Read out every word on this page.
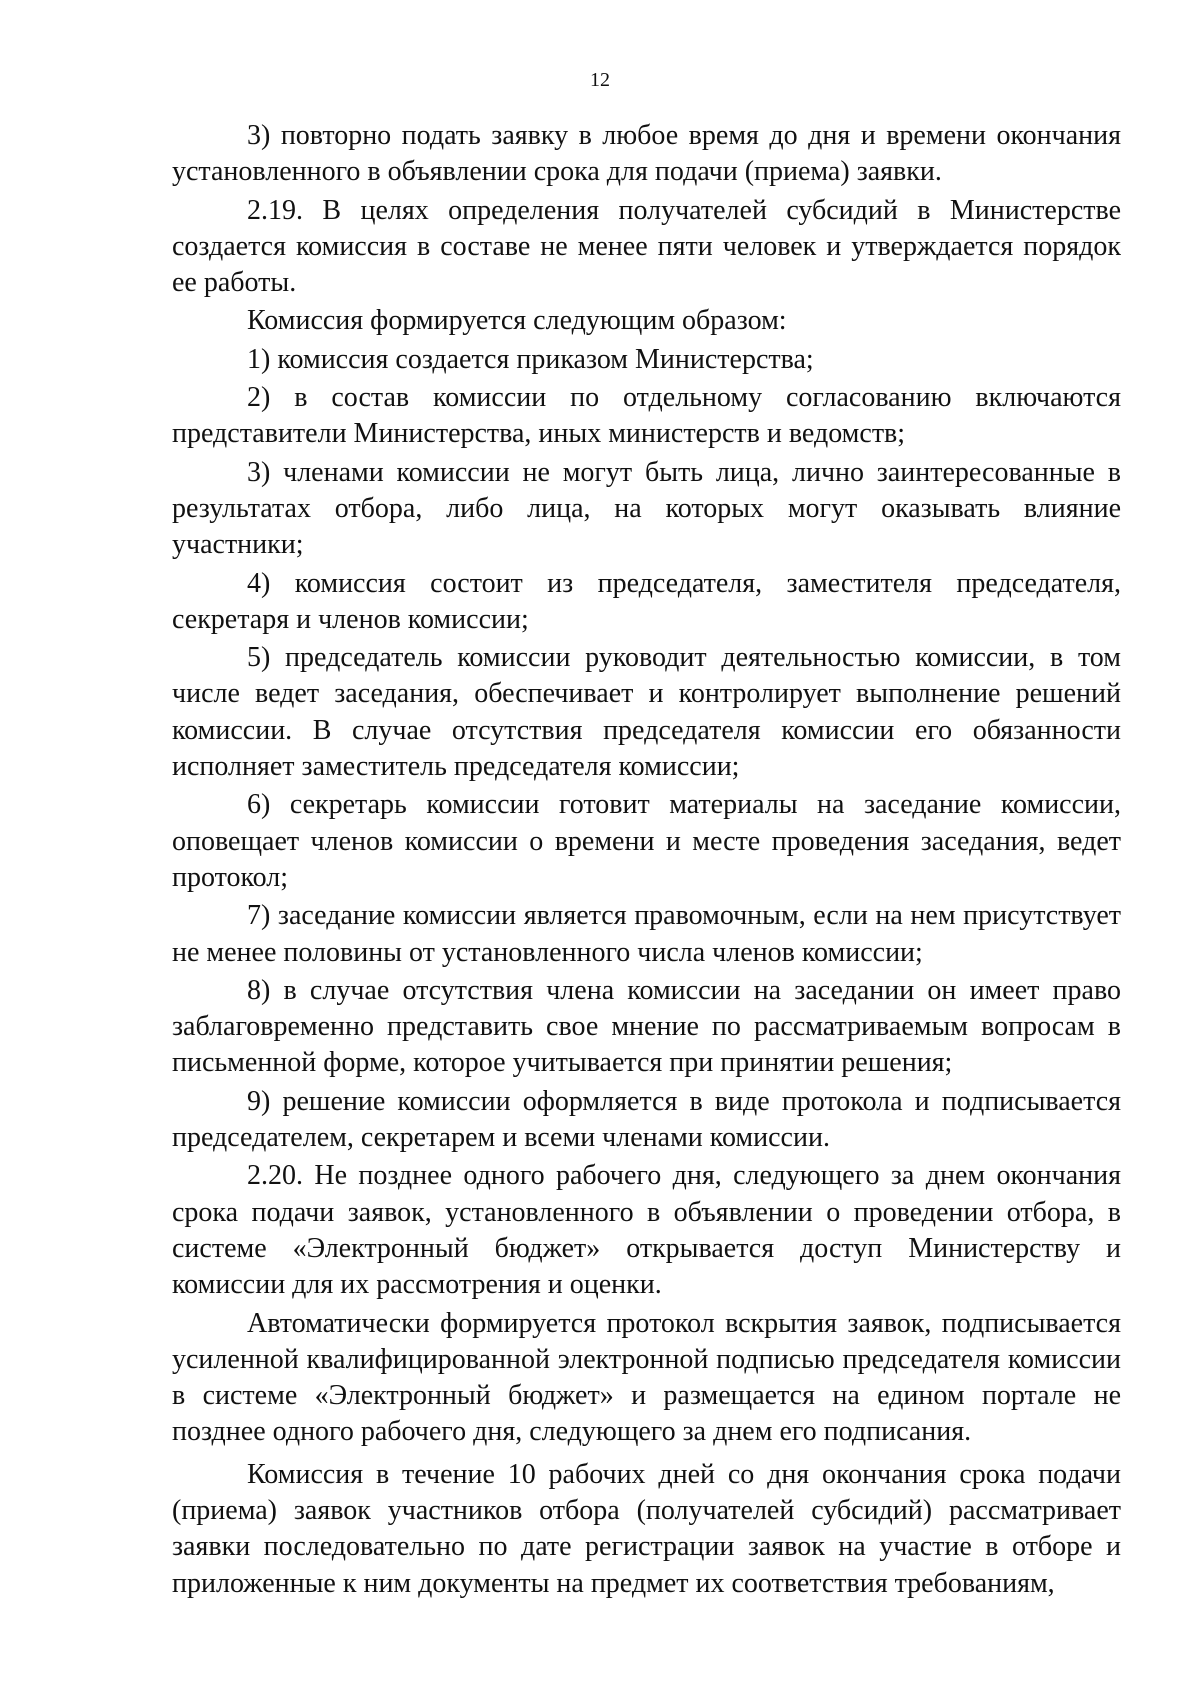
12

3) повторно подать заявку в любое время до дня и времени окончания установленного в объявлении срока для подачи (приема) заявки.

2.19. В целях определения получателей субсидий в Министерстве создается комиссия в составе не менее пяти человек и утверждается порядок ее работы.

Комиссия формируется следующим образом:

1) комиссия создается приказом Министерства;

2) в состав комиссии по отдельному согласованию включаются представители Министерства, иных министерств и ведомств;

3) членами комиссии не могут быть лица, лично заинтересованные в результатах отбора, либо лица, на которых могут оказывать влияние участники;

4) комиссия состоит из председателя, заместителя председателя, секретаря и членов комиссии;

5) председатель комиссии руководит деятельностью комиссии, в том числе ведет заседания, обеспечивает и контролирует выполнение решений комиссии. В случае отсутствия председателя комиссии его обязанности исполняет заместитель председателя комиссии;

6) секретарь комиссии готовит материалы на заседание комиссии, оповещает членов комиссии о времени и месте проведения заседания, ведет протокол;

7) заседание комиссии является правомочным, если на нем присутствует не менее половины от установленного числа членов комиссии;

8) в случае отсутствия члена комиссии на заседании он имеет право заблаговременно представить свое мнение по рассматриваемым вопросам в письменной форме, которое учитывается при принятии решения;

9) решение комиссии оформляется в виде протокола и подписывается председателем, секретарем и всеми членами комиссии.

2.20. Не позднее одного рабочего дня, следующего за днем окончания срока подачи заявок, установленного в объявлении о проведении отбора, в системе «Электронный бюджет» открывается доступ Министерству и комиссии для их рассмотрения и оценки.

Автоматически формируется протокол вскрытия заявок, подписывается усиленной квалифицированной электронной подписью председателя комиссии в системе «Электронный бюджет» и размещается на едином портале не позднее одного рабочего дня, следующего за днем его подписания.

Комиссия в течение 10 рабочих дней со дня окончания срока подачи (приема) заявок участников отбора (получателей субсидий) рассматривает заявки последовательно по дате регистрации заявок на участие в отборе и приложенные к ним документы на предмет их соответствия требованиям,
